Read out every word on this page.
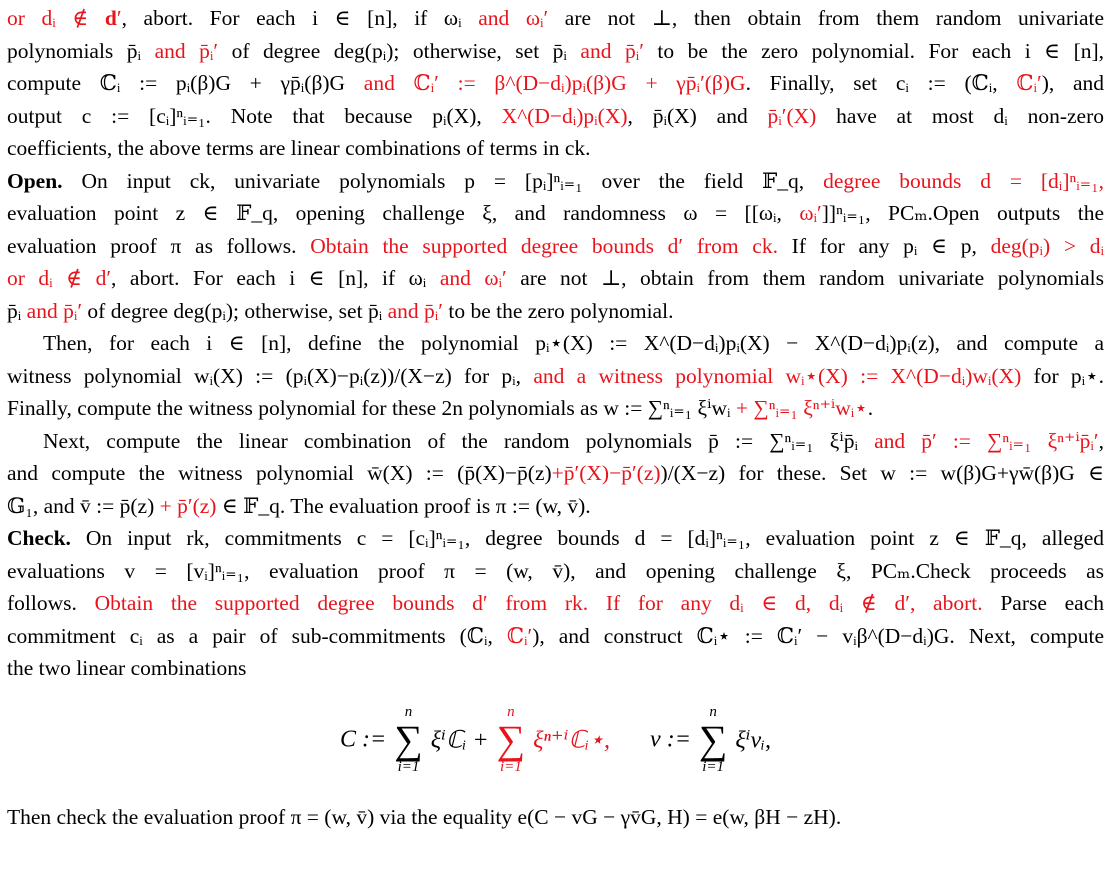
or dᵢ ∉ d′, abort. For each i ∈ [n], if ωᵢ and ωᵢ′ are not ⊥, then obtain from them random univariate
polynomials p̄ᵢ and p̄ᵢ′ of degree deg(pᵢ); otherwise, set p̄ᵢ and p̄ᵢ′ to be the zero polynomial. For each i ∈ [n],
compute ℂᵢ := pᵢ(β)G + γp̄ᵢ(β)G and ℂᵢ′ := β^(D−dᵢ)pᵢ(β)G + γp̄ᵢ′(β)G. Finally, set cᵢ := (ℂᵢ, ℂᵢ′), and
output c := [cᵢ]ⁿᵢ₌₁. Note that because pᵢ(X), X^(D−dᵢ)pᵢ(X), p̄ᵢ(X) and p̄ᵢ′(X) have at most dᵢ non-zero
coefficients, the above terms are linear combinations of terms in ck.
Open. On input ck, univariate polynomials p = [pᵢ]ⁿᵢ₌₁ over the field 𝔽_q, degree bounds d = [dᵢ]ⁿᵢ₌₁,
evaluation point z ∈ 𝔽_q, opening challenge ξ, and randomness ω = [[ωᵢ, ωᵢ′]]ⁿᵢ₌₁, PCₘ.Open outputs the
evaluation proof π as follows. Obtain the supported degree bounds d′ from ck. If for any pᵢ ∈ p, deg(pᵢ) > dᵢ
or dᵢ ∉ d′, abort. For each i ∈ [n], if ωᵢ and ωᵢ′ are not ⊥, obtain from them random univariate polynomials
p̄ᵢ and p̄ᵢ′ of degree deg(pᵢ); otherwise, set p̄ᵢ and p̄ᵢ′ to be the zero polynomial.
Then, for each i ∈ [n], define the polynomial pᵢ⋆(X) := X^(D−dᵢ)pᵢ(X) − X^(D−dᵢ)pᵢ(z), and compute a
witness polynomial wᵢ(X) := (pᵢ(X)−pᵢ(z))/(X−z) for pᵢ, and a witness polynomial wᵢ⋆(X) := X^(D−dᵢ)wᵢ(X) for pᵢ⋆.
Finally, compute the witness polynomial for these 2n polynomials as w := ∑ⁿᵢ₌₁ ξⁱwᵢ + ∑ⁿᵢ₌₁ ξⁿ⁺ⁱwᵢ⋆.
Next, compute the linear combination of the random polynomials p̄ := ∑ⁿᵢ₌₁ ξⁱp̄ᵢ and p̄′ := ∑ⁿᵢ₌₁ ξⁿ⁺ⁱp̄ᵢ′,
and compute the witness polynomial w̄(X) := (p̄(X)−p̄(z)+p̄′(X)−p̄′(z))/(X−z) for these. Set w := w(β)G+γw̄(β)G ∈
𝔾₁, and v̄ := p̄(z) + p̄′(z) ∈ 𝔽_q. The evaluation proof is π := (w, v̄).
Check. On input rk, commitments c = [cᵢ]ⁿᵢ₌₁, degree bounds d = [dᵢ]ⁿᵢ₌₁, evaluation point z ∈ 𝔽_q, alleged
evaluations v = [vᵢ]ⁿᵢ₌₁, evaluation proof π = (w, v̄), and opening challenge ξ, PCₘ.Check proceeds as
follows. Obtain the supported degree bounds d′ from rk. If for any dᵢ ∈ d, dᵢ ∉ d′, abort. Parse each
commitment cᵢ as a pair of sub-commitments (ℂᵢ, ℂᵢ′), and construct ℂᵢ⋆ := ℂᵢ′ − vᵢβ^(D−dᵢ)G. Next, compute
the two linear combinations
C :=
n
∑
i=1
ξⁱℂᵢ +
n
∑
i=1
ξⁿ⁺ⁱℂᵢ⋆, v :=
n
∑
i=1
ξⁱvᵢ,
Then check the evaluation proof π = (w, v̄) via the equality e(C − vG − γv̄G, H) = e(w, βH − zH).
